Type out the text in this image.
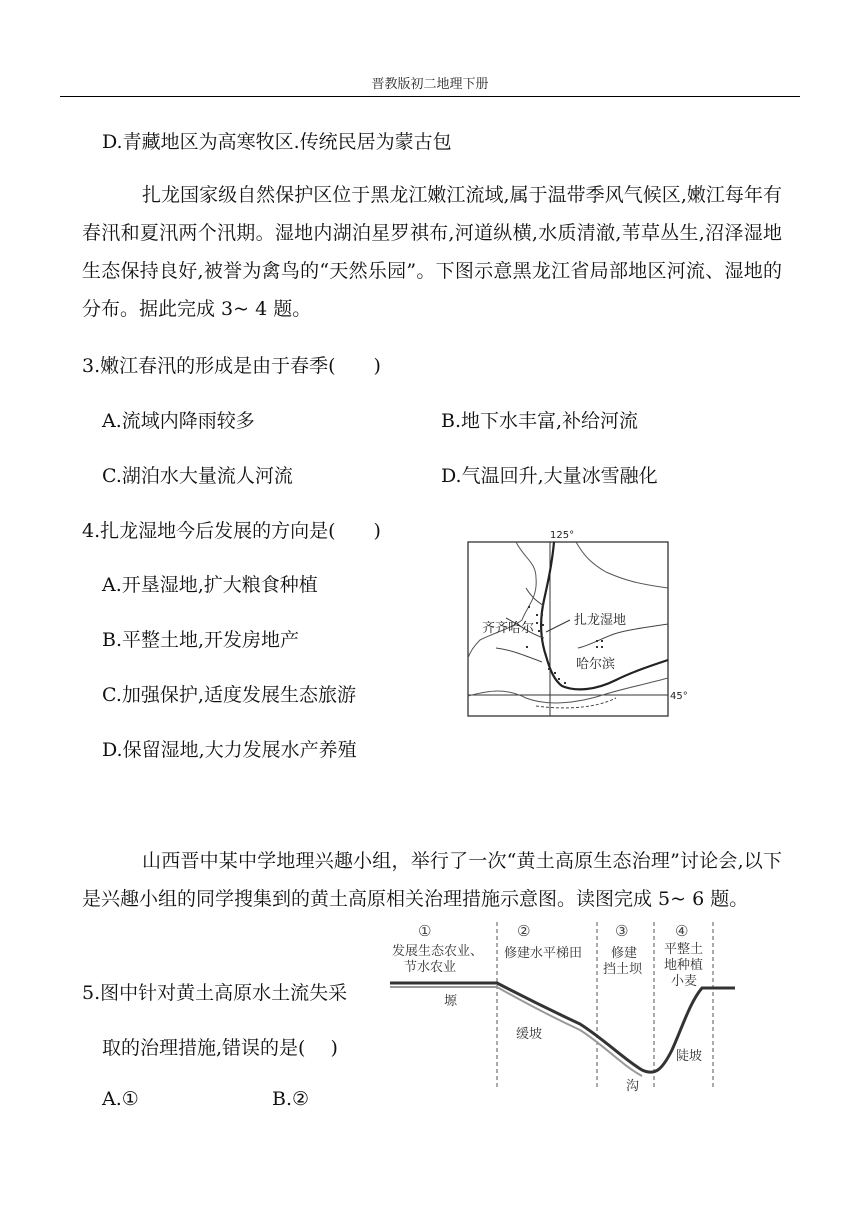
晋教版初二地理下册
D.青藏地区为高寒牧区.传统民居为蒙古包
扎龙国家级自然保护区位于黑龙江嫩江流域,属于温带季风气候区,嫩江每年有春汛和夏汛两个汛期。湿地内湖泊星罗祺布,河道纵横,水质清澈,苇草丛生,沼泽湿地生态保持良好,被誉为禽鸟的“天然乐园”。下图示意黑龙江省局部地区河流、湿地的分布。据此完成 3~ 4 题。
3.嫩江春汛的形成是由于春季(　　)
A.流域内降雨较多	B.地下水丰富,补给河流
C.湖泊水大量流人河流	D.气温回升,大量冰雪融化
4.扎龙湿地今后发展的方向是(　　)
A.开垦湿地,扩大粮食种植
B.平整土地,开发房地产
C.加强保护,适度发展生态旅游
D.保留湿地,大力发展水产养殖
125°
45°
扎龙湿地
齐齐哈尔
哈尔滨
山西晋中某中学地理兴趣小组，举行了一次“黄土高原生态治理”讨论会,以下是兴趣小组的同学搜集到的黄土高原相关治理措施示意图。读图完成 5~ 6 题。
5.图中针对黄土高原水土流失采
取的治理措施,错误的是(　 )
A.①	B.②
①	②	③	④
发展生态农业、
节水农业
修建水平梯田 修建
挡土坝
平整土
地种植
小麦
塬
缓坡
沟
陡坡
